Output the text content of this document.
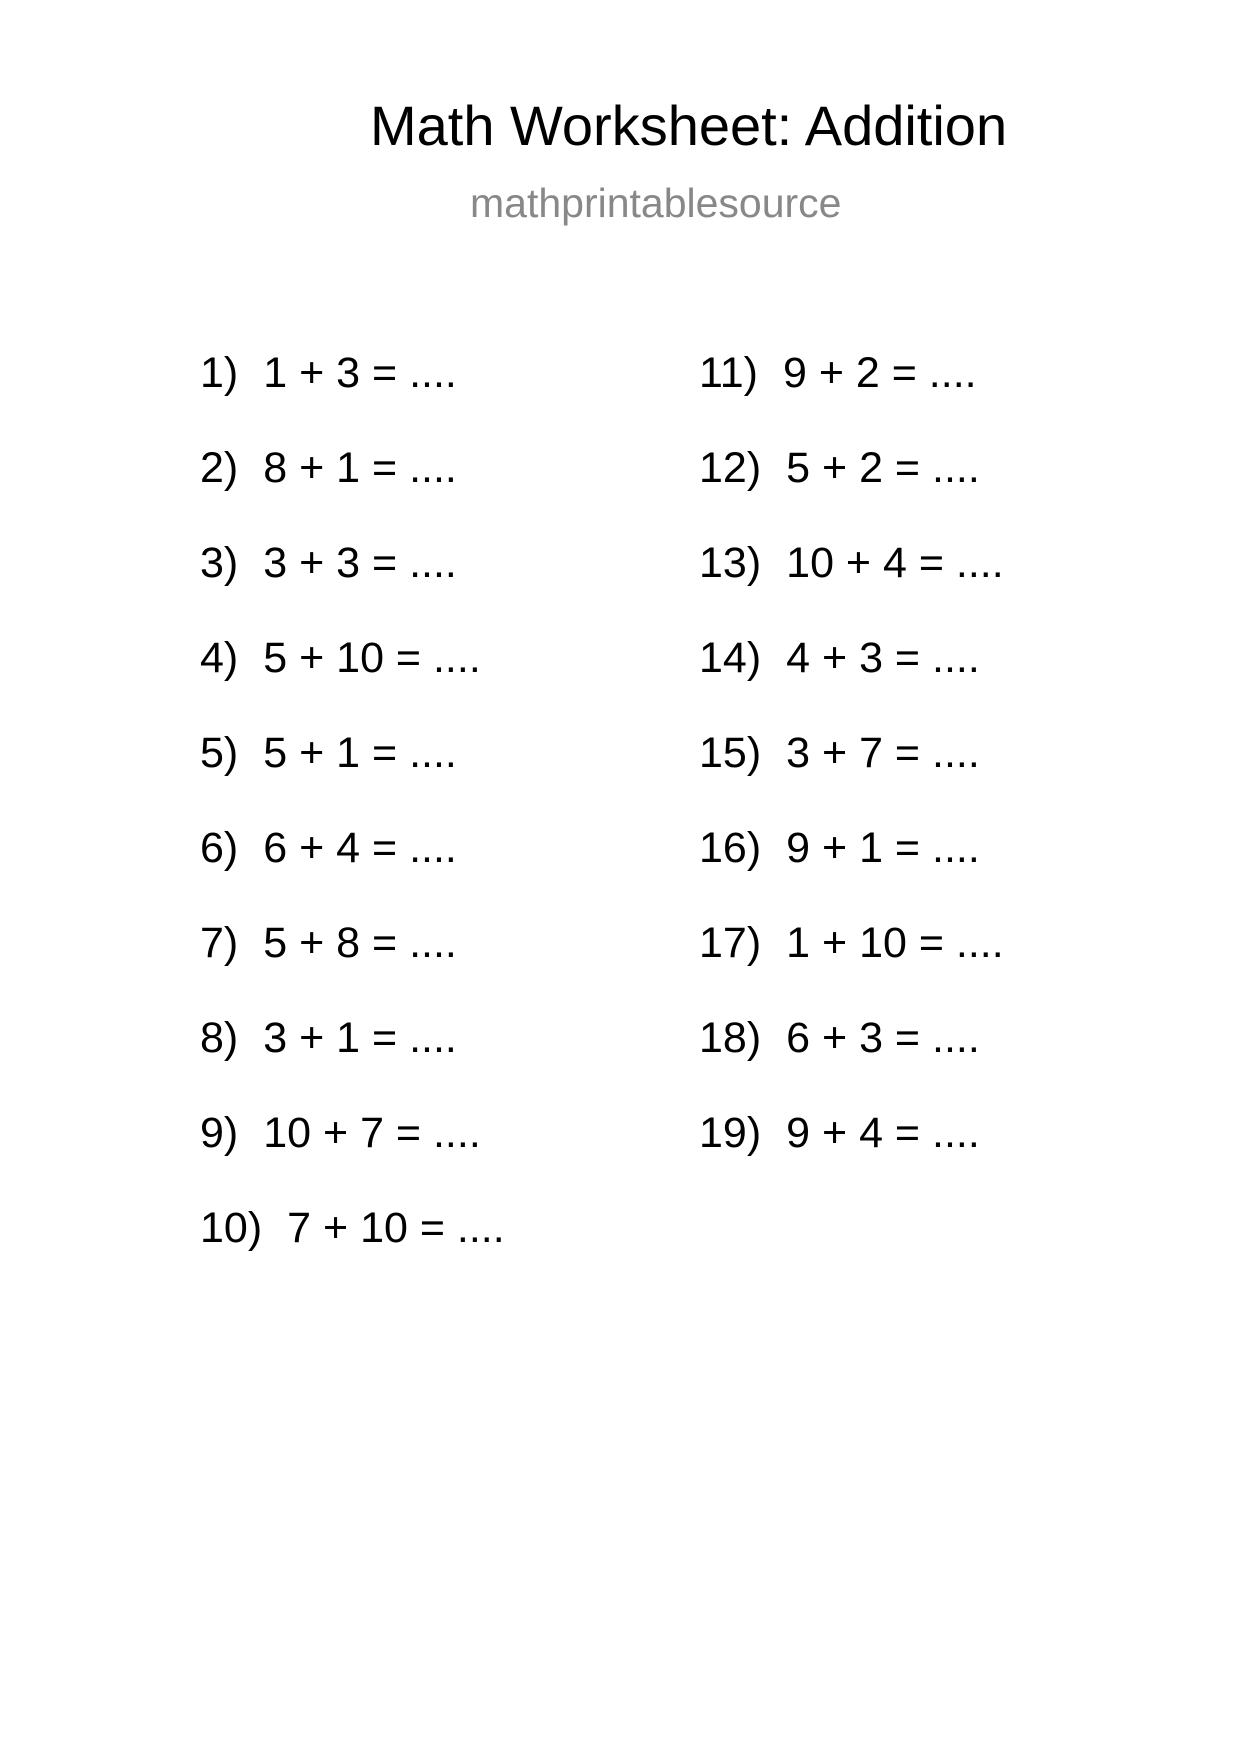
Math Worksheet: Addition
mathprintablesource
1) 1 + 3 = ....
2) 8 + 1 = ....
3) 3 + 3 = ....
4) 5 + 10 = ....
5) 5 + 1 = ....
6) 6 + 4 = ....
7) 5 + 8 = ....
8) 3 + 1 = ....
9) 10 + 7 = ....
10) 7 + 10 = ....
11) 9 + 2 = ....
12) 5 + 2 = ....
13) 10 + 4 = ....
14) 4 + 3 = ....
15) 3 + 7 = ....
16) 9 + 1 = ....
17) 1 + 10 = ....
18) 6 + 3 = ....
19) 9 + 4 = ....
